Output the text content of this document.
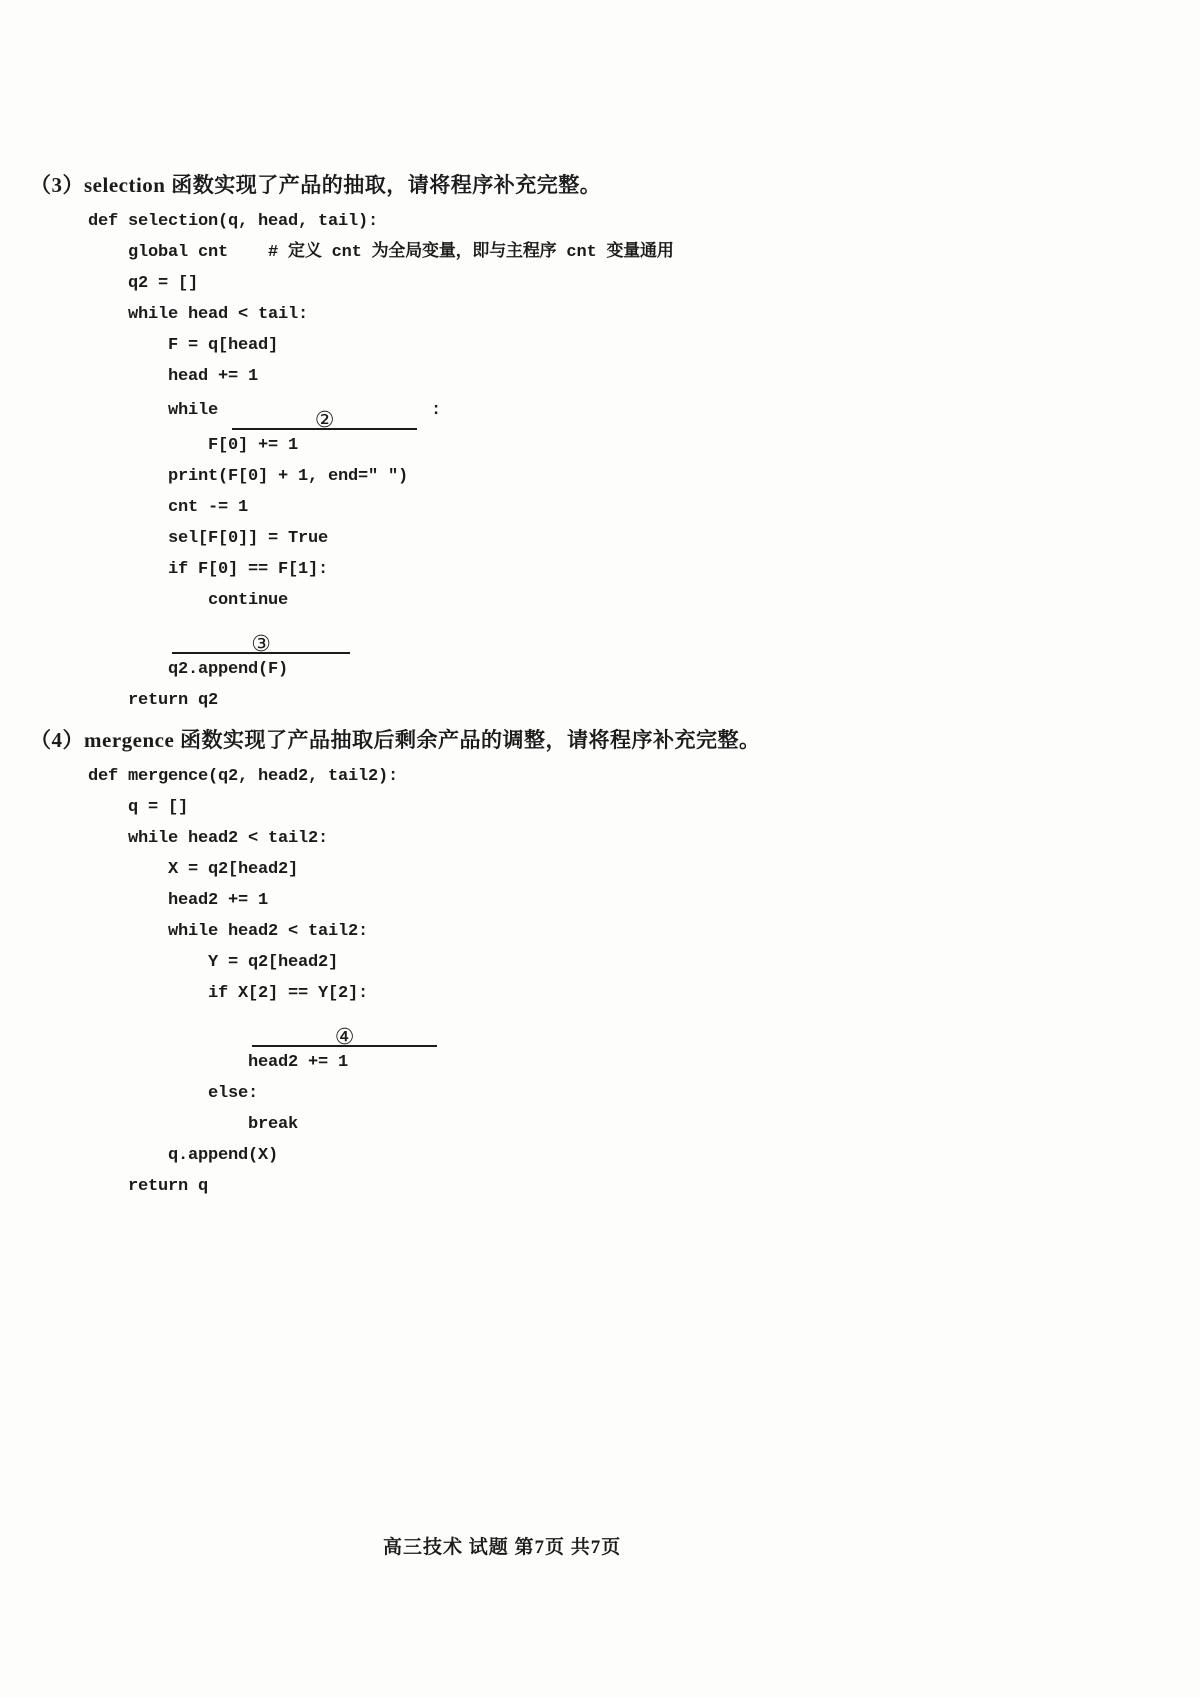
（3）selection 函数实现了产品的抽取，请将程序补充完整。
def selection(q, head, tail):
global cnt    # 定义 cnt 为全局变量，即与主程序 cnt 变量通用
q2 = []
while head < tail:
F = q[head]
head += 1
while	②	:
F[0] += 1
print(F[0] + 1, end=" ")
cnt -= 1
sel[F[0]] = True
if F[0] == F[1]:
continue
③
q2.append(F)
return q2
（4）mergence 函数实现了产品抽取后剩余产品的调整，请将程序补充完整。
def mergence(q2, head2, tail2):
q = []
while head2 < tail2:
X = q2[head2]
head2 += 1
while head2 < tail2:
Y = q2[head2]
if X[2] == Y[2]:
④
head2 += 1
else:
break
q.append(X)
return q
高三技术 试题 第7页 共7页
